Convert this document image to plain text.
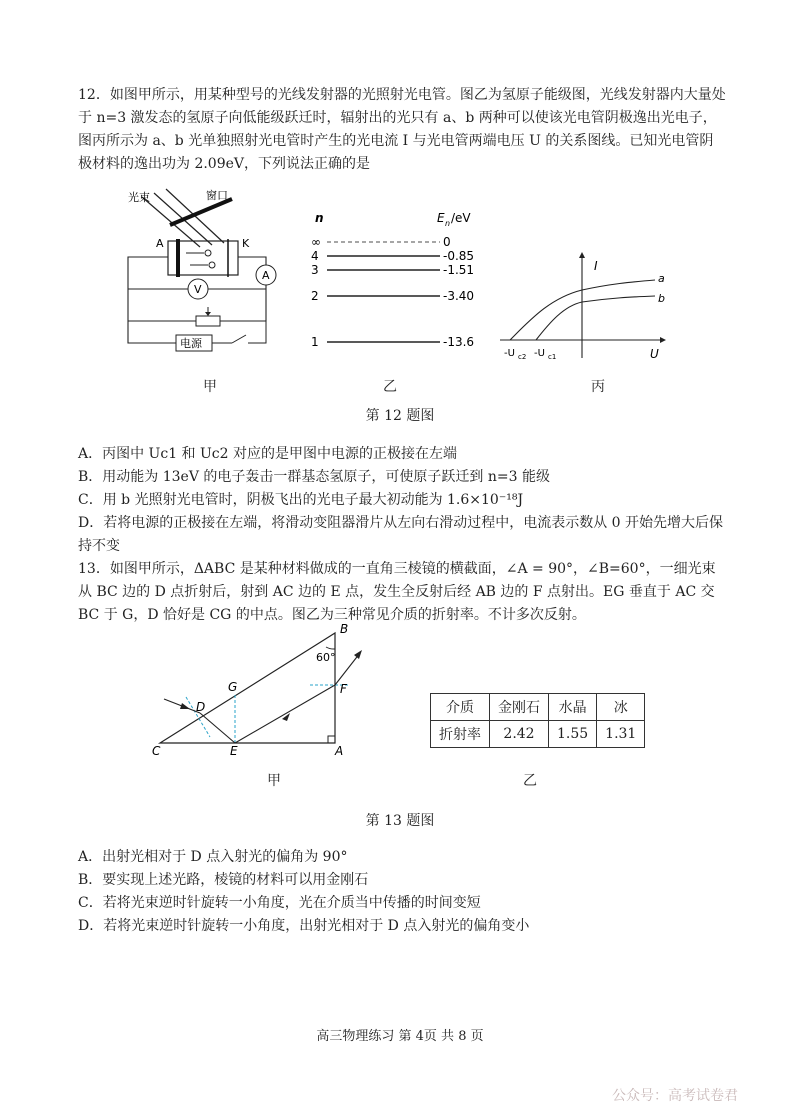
12．如图甲所示，用某种型号的光线发射器的光照射光电管。图乙为氢原子能级图，光线发射器内大量处于 n=3 激发态的氢原子向低能级跃迁时，辐射出的光只有 a、b 两种可以使该光电管阴极逸出光电子，图丙所示为 a、b 光单独照射光电管时产生的光电流 I 与光电管两端电压 U 的关系图线。已知光电管阴极材料的逸出功为 2.09eV，下列说法正确的是
光束	窗口
A	K
A
V
电源
n	E n /eV
∞	0
4	-0.85
3	-1.51
2	-3.40
1	-13.6
I
U
a
b
-U c2 -U c1
甲	乙	丙
第 12 题图
A．丙图中 Uc1 和 Uc2 对应的是甲图中电源的正极接在左端
B．用动能为 13eV 的电子轰击一群基态氢原子，可使原子跃迁到 n=3 能级
C．用 b 光照射光电管时，阴极飞出的光电子最大初动能为 1.6×10⁻¹⁸J
D．若将电源的正极接在左端，将滑动变阻器滑片从左向右滑动过程中，电流表示数从 0 开始先增大后保持不变
13．如图甲所示，ΔABC 是某种材料做成的一直角三棱镜的横截面，∠A = 90°，∠B=60°，一细光束从 BC 边的 D 点折射后，射到 AC 边的 E 点，发生全反射后经 AB 边的 F 点射出。EG 垂直于 AC 交 BC 于 G，D 恰好是 CG 的中点。图乙为三种常见介质的折射率。不计多次反射。
B
60°
G
D
F
C	E	A
介质	金刚石	水晶	冰
折射率	2.42	1.55	1.31
甲	乙
第 13 题图
A．出射光相对于 D 点入射光的偏角为 90°
B．要实现上述光路，棱镜的材料可以用金刚石
C．若将光束逆时针旋转一小角度，光在介质当中传播的时间变短
D．若将光束逆时针旋转一小角度，出射光相对于 D 点入射光的偏角变小
高三物理练习 第 4页 共 8 页
公众号：高考试卷君
